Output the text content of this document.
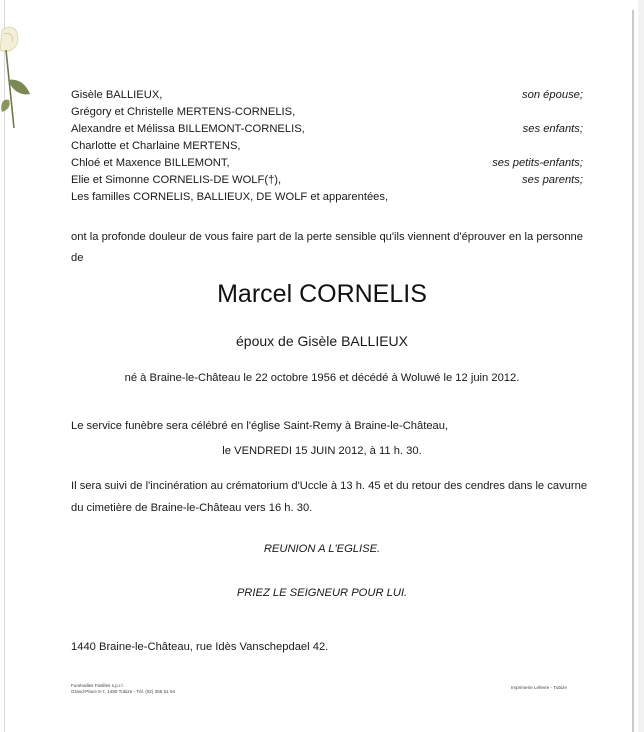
Gisèle BALLIEUX,	son épouse;
Grégory et Christelle MERTENS-CORNELIS,
Alexandre et Mélissa BILLEMONT-CORNELIS,	ses enfants;
Charlotte et Charlaine MERTENS,
Chloé et Maxence BILLEMONT,	ses petits-enfants;
Elie et Simonne CORNELIS-DE WOLF(†),	ses parents;
Les familles CORNELIS, BALLIEUX, DE WOLF et apparentées,
ont la profonde douleur de vous faire part de la perte sensible qu'ils viennent d'éprouver en la personne de
Marcel CORNELIS
époux de Gisèle BALLIEUX
né à Braine-le-Château le 22 octobre 1956 et décédé à Woluwé le 12 juin 2012.
Le service funèbre sera célébré en l'église Saint-Remy à Braine-le-Château,
le VENDREDI 15 JUIN 2012, à 11 h. 30.
Il sera suivi de l'incinération au crématorium d'Uccle à 13 h. 45 et du retour des cendres dans le cavurne du cimetière de Braine-le-Château vers 16 h. 30.
REUNION A L'EGLISE.
PRIEZ LE SEIGNEUR POUR LUI.
1440 Braine-le-Château, rue Idès Vanschepdael 42.
Funérailles Fasilles s.p.r.l.
Grand-Place 6-7, 1480 Tubize - Tél. (02) 355 51 94
Imprimerie Lefevre - Tubize
